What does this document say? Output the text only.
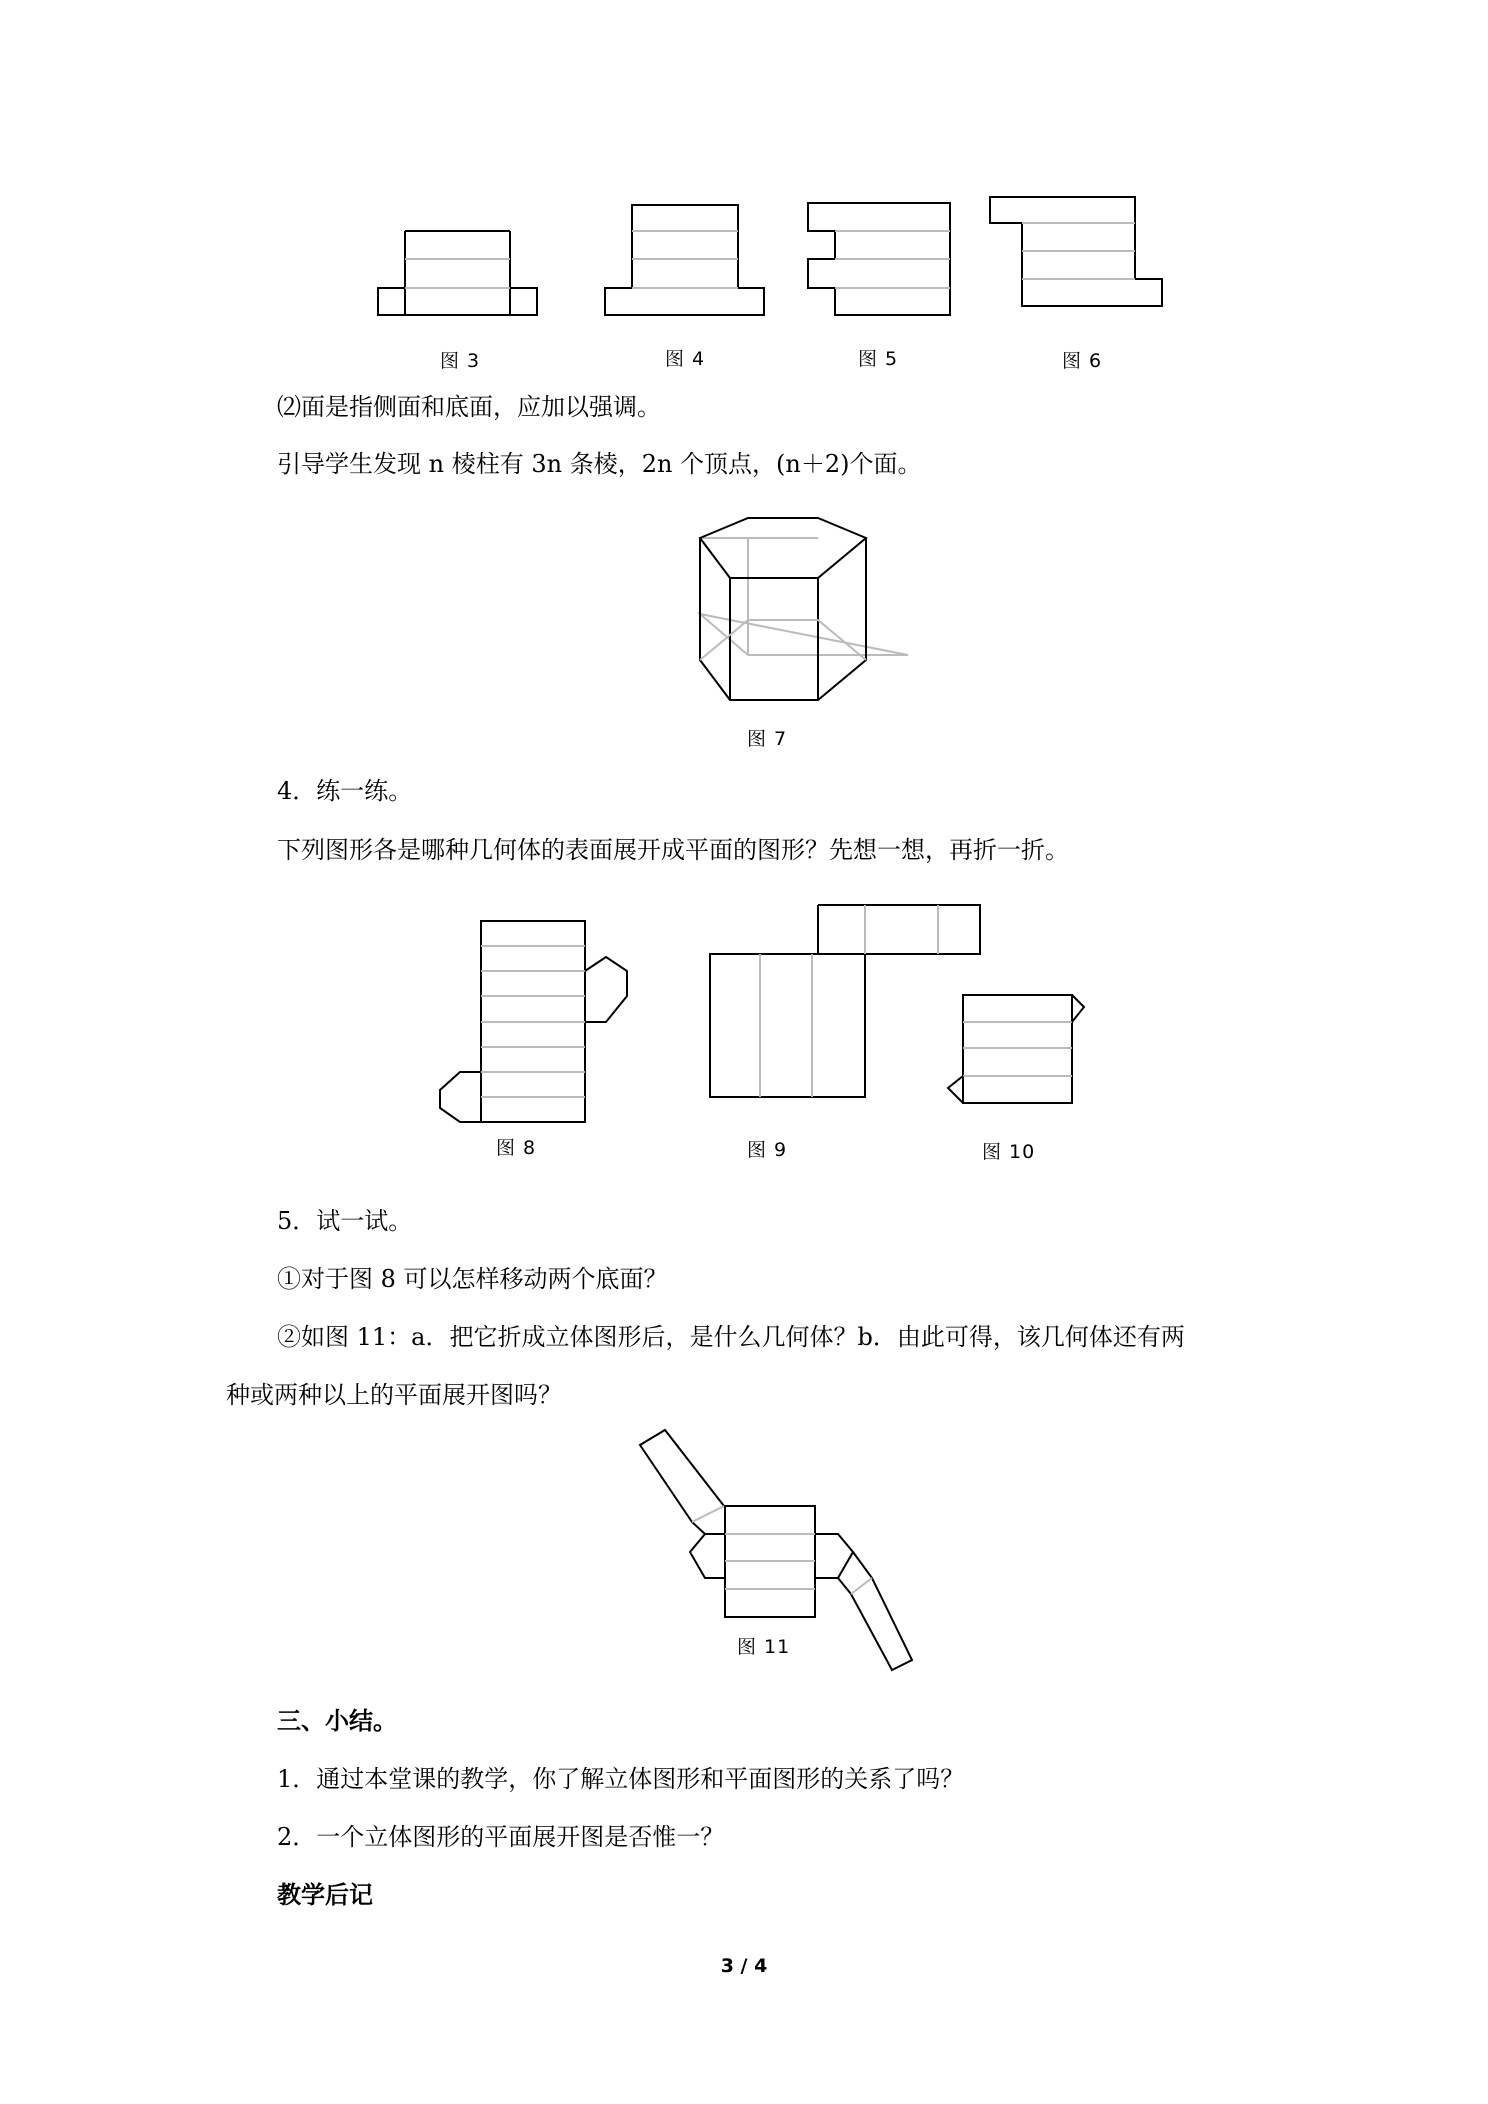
图 3	图 4	图 5	图 6
图 7
图 8	图 9	图 10
图 11
⑵面是指侧面和底面，应加以强调。
引导学生发现 n 棱柱有 3n 条棱，2n 个顶点，(n＋2)个面。
4．练一练。
下列图形各是哪种几何体的表面展开成平面的图形？先想一想，再折一折。
5．试一试。
①对于图 8 可以怎样移动两个底面？
②如图 11：a．把它折成立体图形后，是什么几何体？b．由此可得，该几何体还有两
种或两种以上的平面展开图吗？
三、小结。
1．通过本堂课的教学，你了解立体图形和平面图形的关系了吗？
2．一个立体图形的平面展开图是否惟一？
教学后记
3 / 4
